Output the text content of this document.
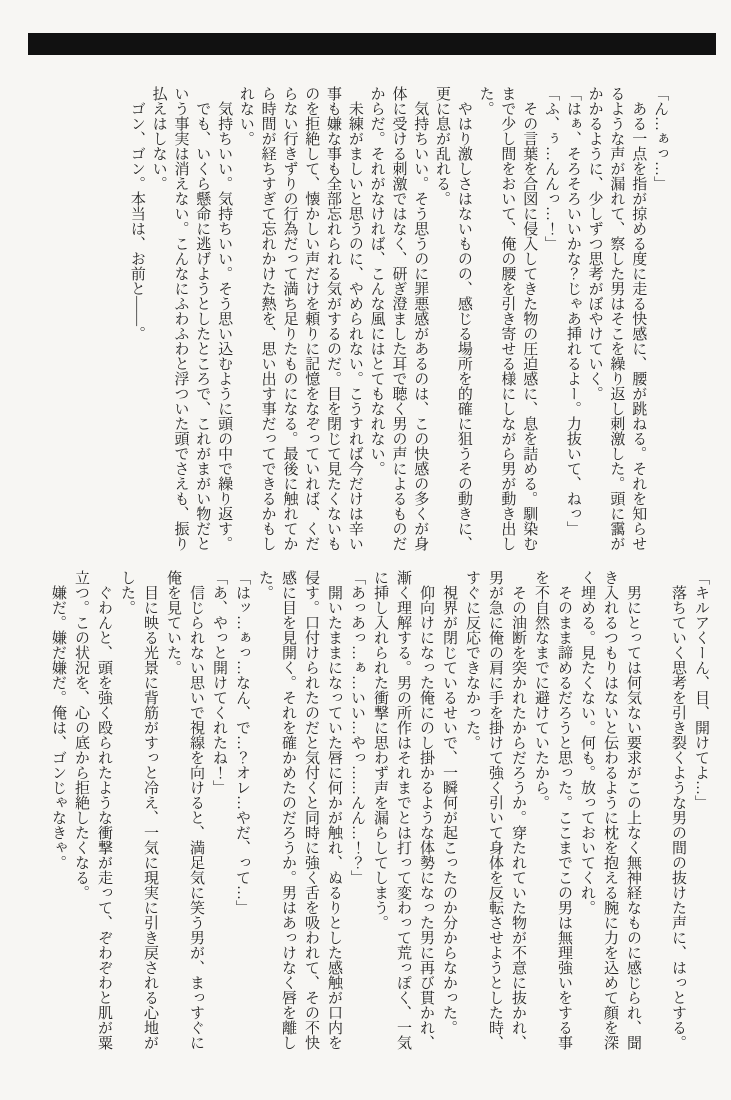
「ん…ぁっ…」

　ある一点を指が掠める度に走る快感に、腰が跳ねる。それを知らせるような声が漏れて、察した男はそこを繰り返し刺激した。頭に靄がかかるように、少しずつ思考がぼやけていく。

「はぁ、そろそろいいかな？じゃあ挿れるよー。力抜いて、ねっ」

「ふ、ぅ…んんっ…！」

　その言葉を合図に侵入してきた物の圧迫感に、息を詰める。馴染むまで少し間をおいて、俺の腰を引き寄せる様にしながら男が動き出した。

　やはり激しさはないものの、感じる場所を的確に狙うその動きに、更に息が乱れる。

　気持ちいい。そう思うのに罪悪感があるのは、この快感の多くが身体に受ける刺激ではなく、研ぎ澄ました耳で聴く男の声によるものだからだ。それがなければ、こんな風にはとてもなれない。

　未練がましいと思うのに、やめられない。こうすれば今だけは辛い事も嫌な事も全部忘れられる気がするのだ。目を閉じて見たくないものを拒絶して、懐かしい声だけを頼りに記憶をなぞっていれば、くだらない行きずりの行為だって満ち足りたものになる。最後に触れてから時間が経ちすぎて忘れかけた熱を、思い出す事だってできるかもしれない。

　気持ちいい。気持ちいい。そう思い込むように頭の中で繰り返す。

　でも、いくら懸命に逃げようとしたところで、これがまがい物だという事実は消えない。こんなにふわふわと浮ついた頭でさえも、振り払えはしない。

　ゴン、ゴン。本当は、お前と――。

「キルアくーん、目、開けてよ…」

　落ちていく思考を引き裂くような男の間の抜けた声に、はっとする。

　男にとっては何気ない要求がこの上なく無神経なものに感じられ、聞き入れるつもりはないと伝わるように枕を抱える腕に力を込めて顔を深く埋める。見たくない。何も。放っておいてくれ。

　そのまま諦めるだろうと思った。ここまでこの男は無理強いをする事を不自然なまでに避けていたから。

　その油断を突かれたからだろうか。穿たれていた物が不意に抜かれ、男が急に俺の肩に手を掛けて強く引いて身体を反転させようとした時、すぐに反応できなかった。

　視界が閉じているせいで、一瞬何が起こったのか分からなかった。

　仰向けになった俺にのし掛かるような体勢になった男に再び貫かれ、漸く理解する。男の所作はそれまでとは打って変わって荒っぽく、一気に挿し入れられた衝撃に思わず声を漏らしてしまう。

「あっあっ…ぁ…いい…やっ……んん…！？」

　開いたままになっていた唇に何かが触れ、ぬるりとした感触が口内を侵す。口付けられたのだと気付くと同時に強く舌を吸われて、その不快感に目を見開く。それを確かめたのだろうか。男はあっけなく唇を離した。

「はッ…ぁっ…なん、で…？オレ…やだ、って…」

「あ、やっと開けてくれたね！」

　信じられない思いで視線を向けると、満足気に笑う男が、まっすぐに俺を見ていた。

　目に映る光景に背筋がすっと冷え、一気に現実に引き戻される心地がした。

　ぐわんと、頭を強く殴られたような衝撃が走って、ぞわぞわと肌が粟立つ。この状況を、心の底から拒絶したくなる。

　嫌だ。嫌だ嫌だ。俺は、ゴンじゃなきゃ。
